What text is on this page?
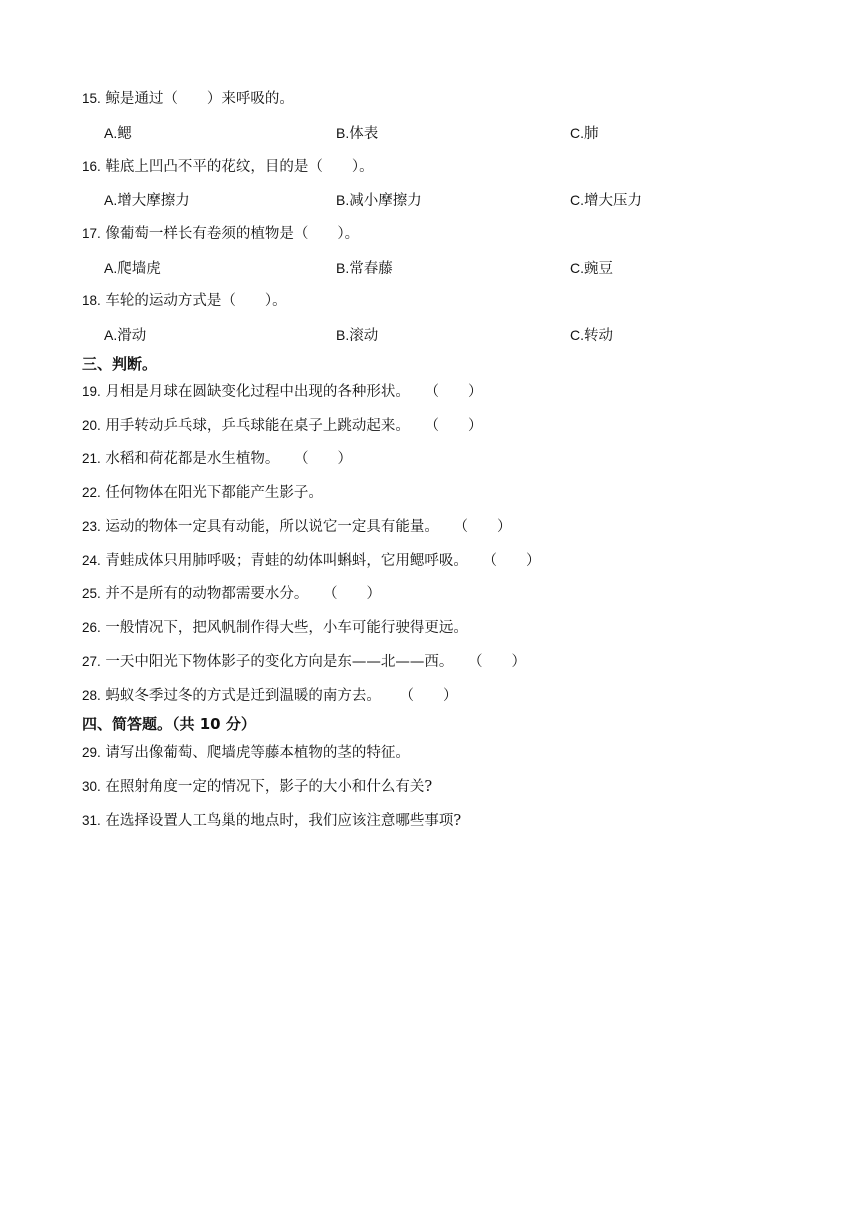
15. 鲸是通过（　　）来呼吸的。
A.鳃	B.体表	C.肺
16. 鞋底上凹凸不平的花纹，目的是（　　）。
A.增大摩擦力	B.减小摩擦力	C.增大压力
17. 像葡萄一样长有卷须的植物是（　　）。
A.爬墙虎	B.常春藤	C.豌豆
18. 车轮的运动方式是（　　）。
A.滑动	B.滚动	C.转动
三、判断。
19. 月相是月球在圆缺变化过程中出现的各种形状。 （　　）
20. 用手转动乒乓球，乒乓球能在桌子上跳动起来。 （　　）
21. 水稻和荷花都是水生植物。 （　　）
22. 任何物体在阳光下都能产生影子。
23. 运动的物体一定具有动能，所以说它一定具有能量。 （　　）
24. 青蛙成体只用肺呼吸；青蛙的幼体叫蝌蚪，它用鳃呼吸。 （　　）
25. 并不是所有的动物都需要水分。 （　　）
26. 一般情况下，把风帆制作得大些，小车可能行驶得更远。
27. 一天中阳光下物体影子的变化方向是东——北——西。 （　　）
28. 蚂蚁冬季过冬的方式是迁到温暖的南方去。 （　　）
四、简答题。（共 10 分）
29. 请写出像葡萄、爬墙虎等藤本植物的茎的特征。
30. 在照射角度一定的情况下，影子的大小和什么有关?
31. 在选择设置人工鸟巢的地点时，我们应该注意哪些事项?
